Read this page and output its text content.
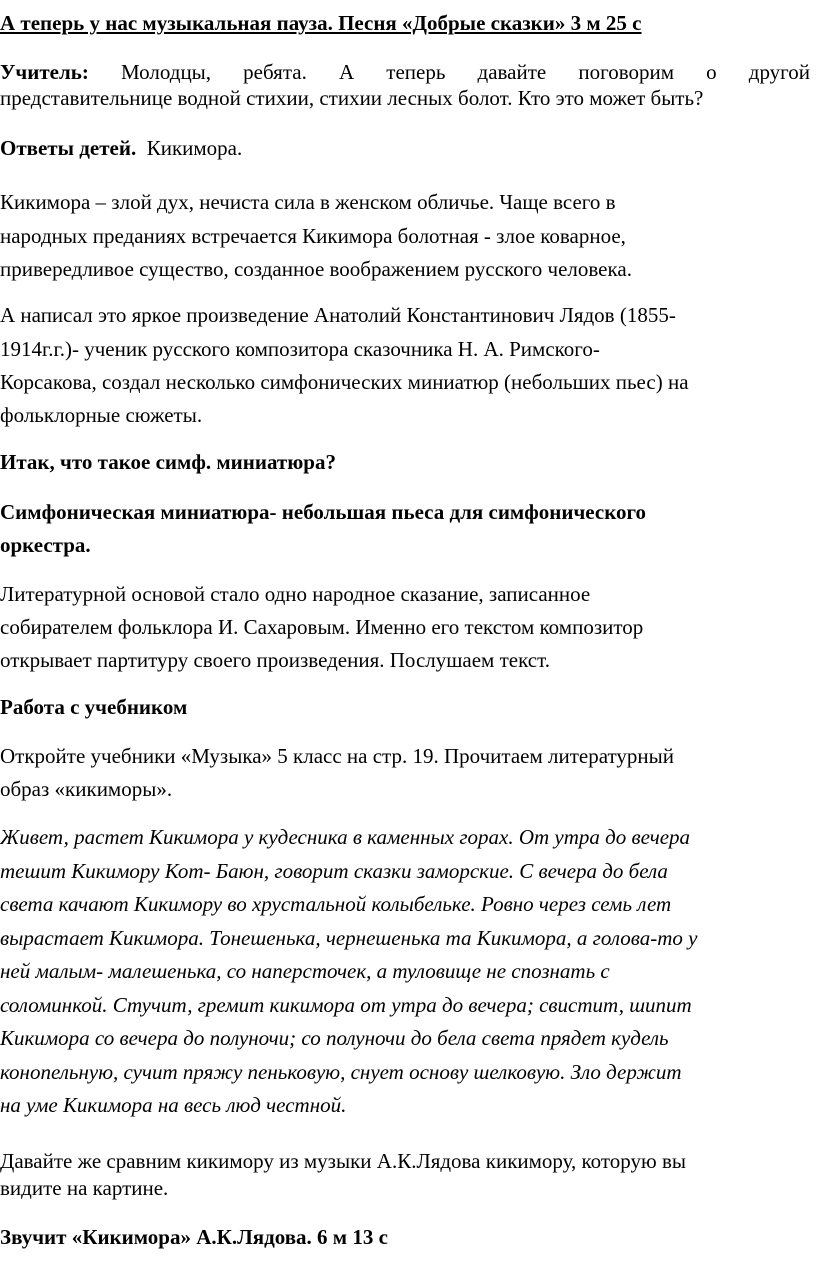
А теперь у нас музыкальная пауза. Песня «Добрые сказки» 3 м 25 с

Учитель: Молодцы, ребята. А теперь давайте поговорим о другой

представительнице водной стихии, стихии лесных болот. Кто это может быть?

Ответы детей. Кикимора.

Кикимора – злой дух, нечиста сила в женском обличье. Чаще всего в

народных преданиях встречается Кикимора болотная - злое коварное,

привередливое существо, созданное воображением русского человека.

А написал это яркое произведение Анатолий Константинович Лядов (1855-

1914г.г.)- ученик русского композитора сказочника Н. А. Римского-

Корсакова, создал несколько симфонических миниатюр (небольших пьес) на

фольклорные сюжеты.

Итак, что такое симф. миниатюра?

Симфоническая миниатюра- небольшая пьеса для симфонического

оркестра.

Литературной основой стало одно народное сказание, записанное

собирателем фольклора И. Сахаровым. Именно его текстом композитор

открывает партитуру своего произведения. Послушаем текст.

Работа с учебником

Откройте учебники «Музыка» 5 класс на стр. 19. Прочитаем литературный

образ «кикиморы».

Живет, растет Кикимора у кудесника в каменных горах. От утра до вечера

тешит Кикимору Кот- Баюн, говорит сказки заморские. С вечера до бела

света качают Кикимору во хрустальной колыбельке. Ровно через семь лет

вырастает Кикимора. Тонешенька, чернешенька та Кикимора, а голова-то у

ней малым- малешенька, со наперсточек, а туловище не спознать с

соломинкой. Стучит, гремит кикимора от утра до вечера; свистит, шипит

Кикимора со вечера до полуночи; со полуночи до бела света прядет кудель

конопельную, сучит пряжу пеньковую, снует основу шелковую. Зло держит

на уме Кикимора на весь люд честной.

Давайте же сравним кикимору из музыки А.К.Лядова кикимору, которую вы

видите на картине.

Звучит «Кикимора» А.К.Лядова. 6 м 13 с
